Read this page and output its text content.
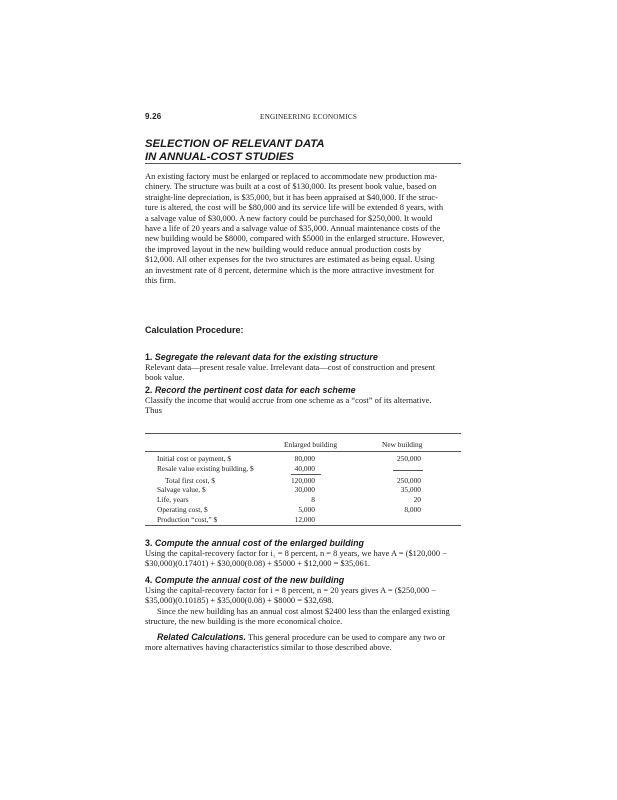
9.26	ENGINEERING ECONOMICS
SELECTION OF RELEVANT DATA
IN ANNUAL-COST STUDIES
An existing factory must be enlarged or replaced to accommodate new production ma-
chinery. The structure was built at a cost of $130,000. Its present book value, based on
straight-line depreciation, is $35,000, but it has been appraised at $40,000. If the struc-
ture is altered, the cost will be $80,000 and its service life will be extended 8 years, with
a salvage value of $30,000. A new factory could be purchased for $250,000. It would
have a life of 20 years and a salvage value of $35,000. Annual maintenance costs of the
new building would be $8000, compared with $5000 in the enlarged structure. However,
the improved layout in the new building would reduce annual production costs by
$12,000. All other expenses for the two structures are estimated as being equal. Using
an investment rate of 8 percent, determine which is the more attractive investment for
this firm.
Calculation Procedure:
1. Segregate the relevant data for the existing structure
Relevant data—present resale value. Irrelevant data—cost of construction and present
book value.
2. Record the pertinent cost data for each scheme
Classify the income that would accrue from one scheme as a “cost” of its alternative.
Thus
Enlarged building	New building
Initial cost or payment, $	80,000	250,000
Resale value existing building, $	40,000
Total first cost, $	120,000	250,000
Salvage value, $	30,000	35,000
Life, years	8	20
Operating cost, $	5,000	8,000
Production “cost,” $	12,000
3. Compute the annual cost of the enlarged building
Using the capital-recovery factor for i₁ = 8 percent, n = 8 years, we have A = ($120,000 −
$30,000)(0.17401) + $30,000(0.08) + $5000 + $12,000 = $35,061.
4. Compute the annual cost of the new building
Using the capital-recovery factor for i = 8 percent, n = 20 years gives A = ($250,000 −
$35,000)(0.10185) + $35,000(0.08) + $8000 = $32,698.
Since the new building has an annual cost almost $2400 less than the enlarged existing
structure, the new building is the more economical choice.
Related Calculations. This general procedure can be used to compare any two or
more alternatives having characteristics similar to those described above.
